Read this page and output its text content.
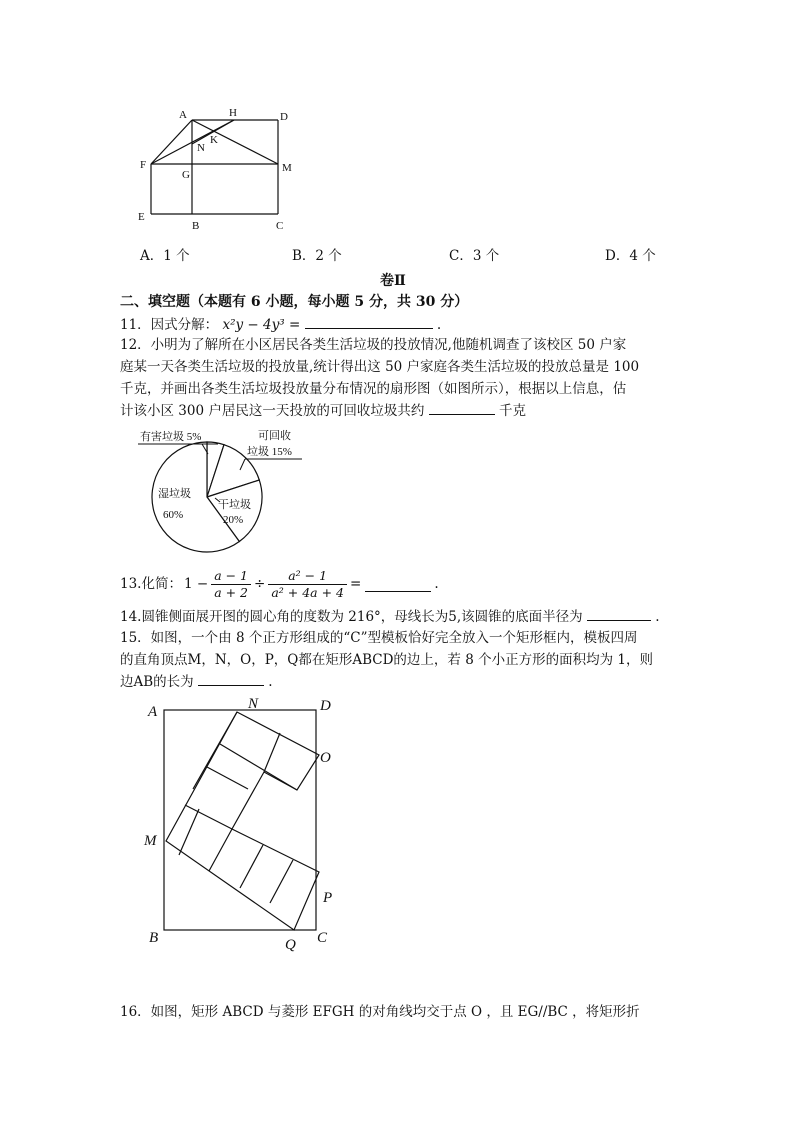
A	H	D
K
N
F
G
M
E
B	C
A．1 个	B．2 个	C．3 个	D．4 个
卷Ⅱ
二、填空题（本题有 6 小题，每小题 5 分，共 30 分）
11．因式分解： x²y − 4y³ =	.
12．小明为了解所在小区居民各类生活垃圾的投放情况,他随机调查了该校区 50 户家
庭某一天各类生活垃圾的投放量,统计得出这 50 户家庭各类生活垃圾的投放总量是 100
千克，并画出各类生活垃圾投放量分布情况的扇形图（如图所示），根据以上信息，估
计该小区 300 户居民这一天投放的可回收垃圾共约	千克
有害垃圾 5%	可回收
垃圾 15%
干垃圾
20%
湿垃圾
60%
13.化简： $1 - \frac{a - 1}{a + 2} \div \frac{\text{a² − 1}}{\text{a² + 4a + 4}}$ =	.
14.圆锥侧面展开图的圆心角的度数为 216°，母线长为5,该圆锥的底面半径为	.
15．如图，一个由 8 个正方形组成的“C”型模板恰好完全放入一个矩形框内，模板四周
的直角顶点M，N，O，P，Q都在矩形ABCD的边上，若 8 个小正方形的面积均为 1，则
边AB的长为	.
A	N	D
O
M
P
B	Q C
16．如图，矩形 ABCD 与菱形 EFGH 的对角线均交于点 O ，且 EG//BC ，将矩形折
